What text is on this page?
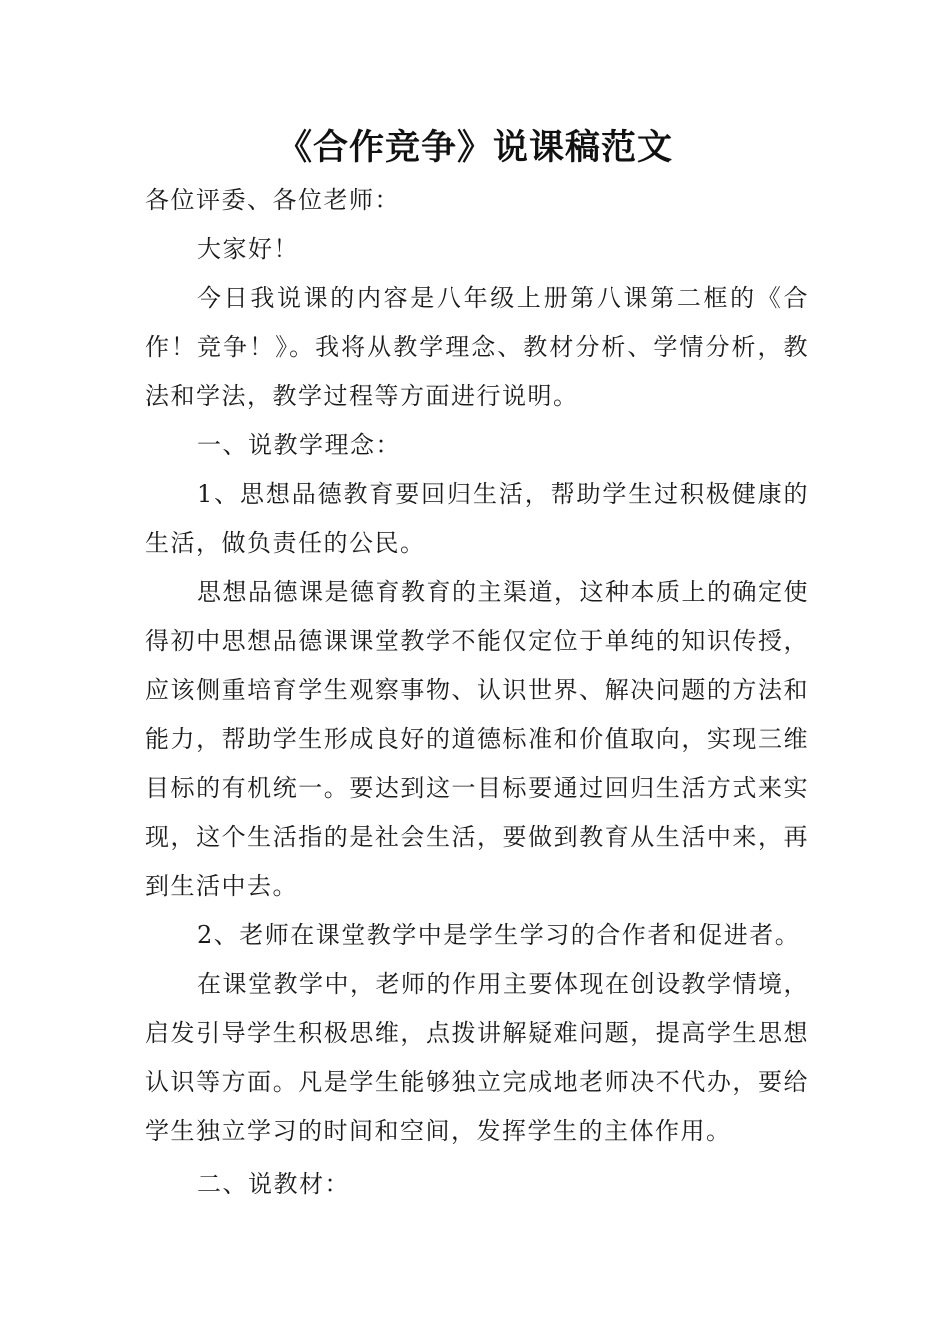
《合作竞争》说课稿范文

各位评委、各位老师：

大家好！

今日我说课的内容是八年级上册第八课第二框的《合作！竞争！》。我将从教学理念、教材分析、学情分析，教法和学法，教学过程等方面进行说明。

一、说教学理念：

1、思想品德教育要回归生活，帮助学生过积极健康的生活，做负责任的公民。

思想品德课是德育教育的主渠道，这种本质上的确定使得初中思想品德课课堂教学不能仅定位于单纯的知识传授，应该侧重培育学生观察事物、认识世界、解决问题的方法和能力，帮助学生形成良好的道德标准和价值取向，实现三维目标的有机统一。要达到这一目标要通过回归生活方式来实现，这个生活指的是社会生活，要做到教育从生活中来，再到生活中去。

2、老师在课堂教学中是学生学习的合作者和促进者。

在课堂教学中，老师的作用主要体现在创设教学情境，启发引导学生积极思维，点拨讲解疑难问题，提高学生思想认识等方面。凡是学生能够独立完成地老师决不代办，要给学生独立学习的时间和空间，发挥学生的主体作用。

二、说教材：
